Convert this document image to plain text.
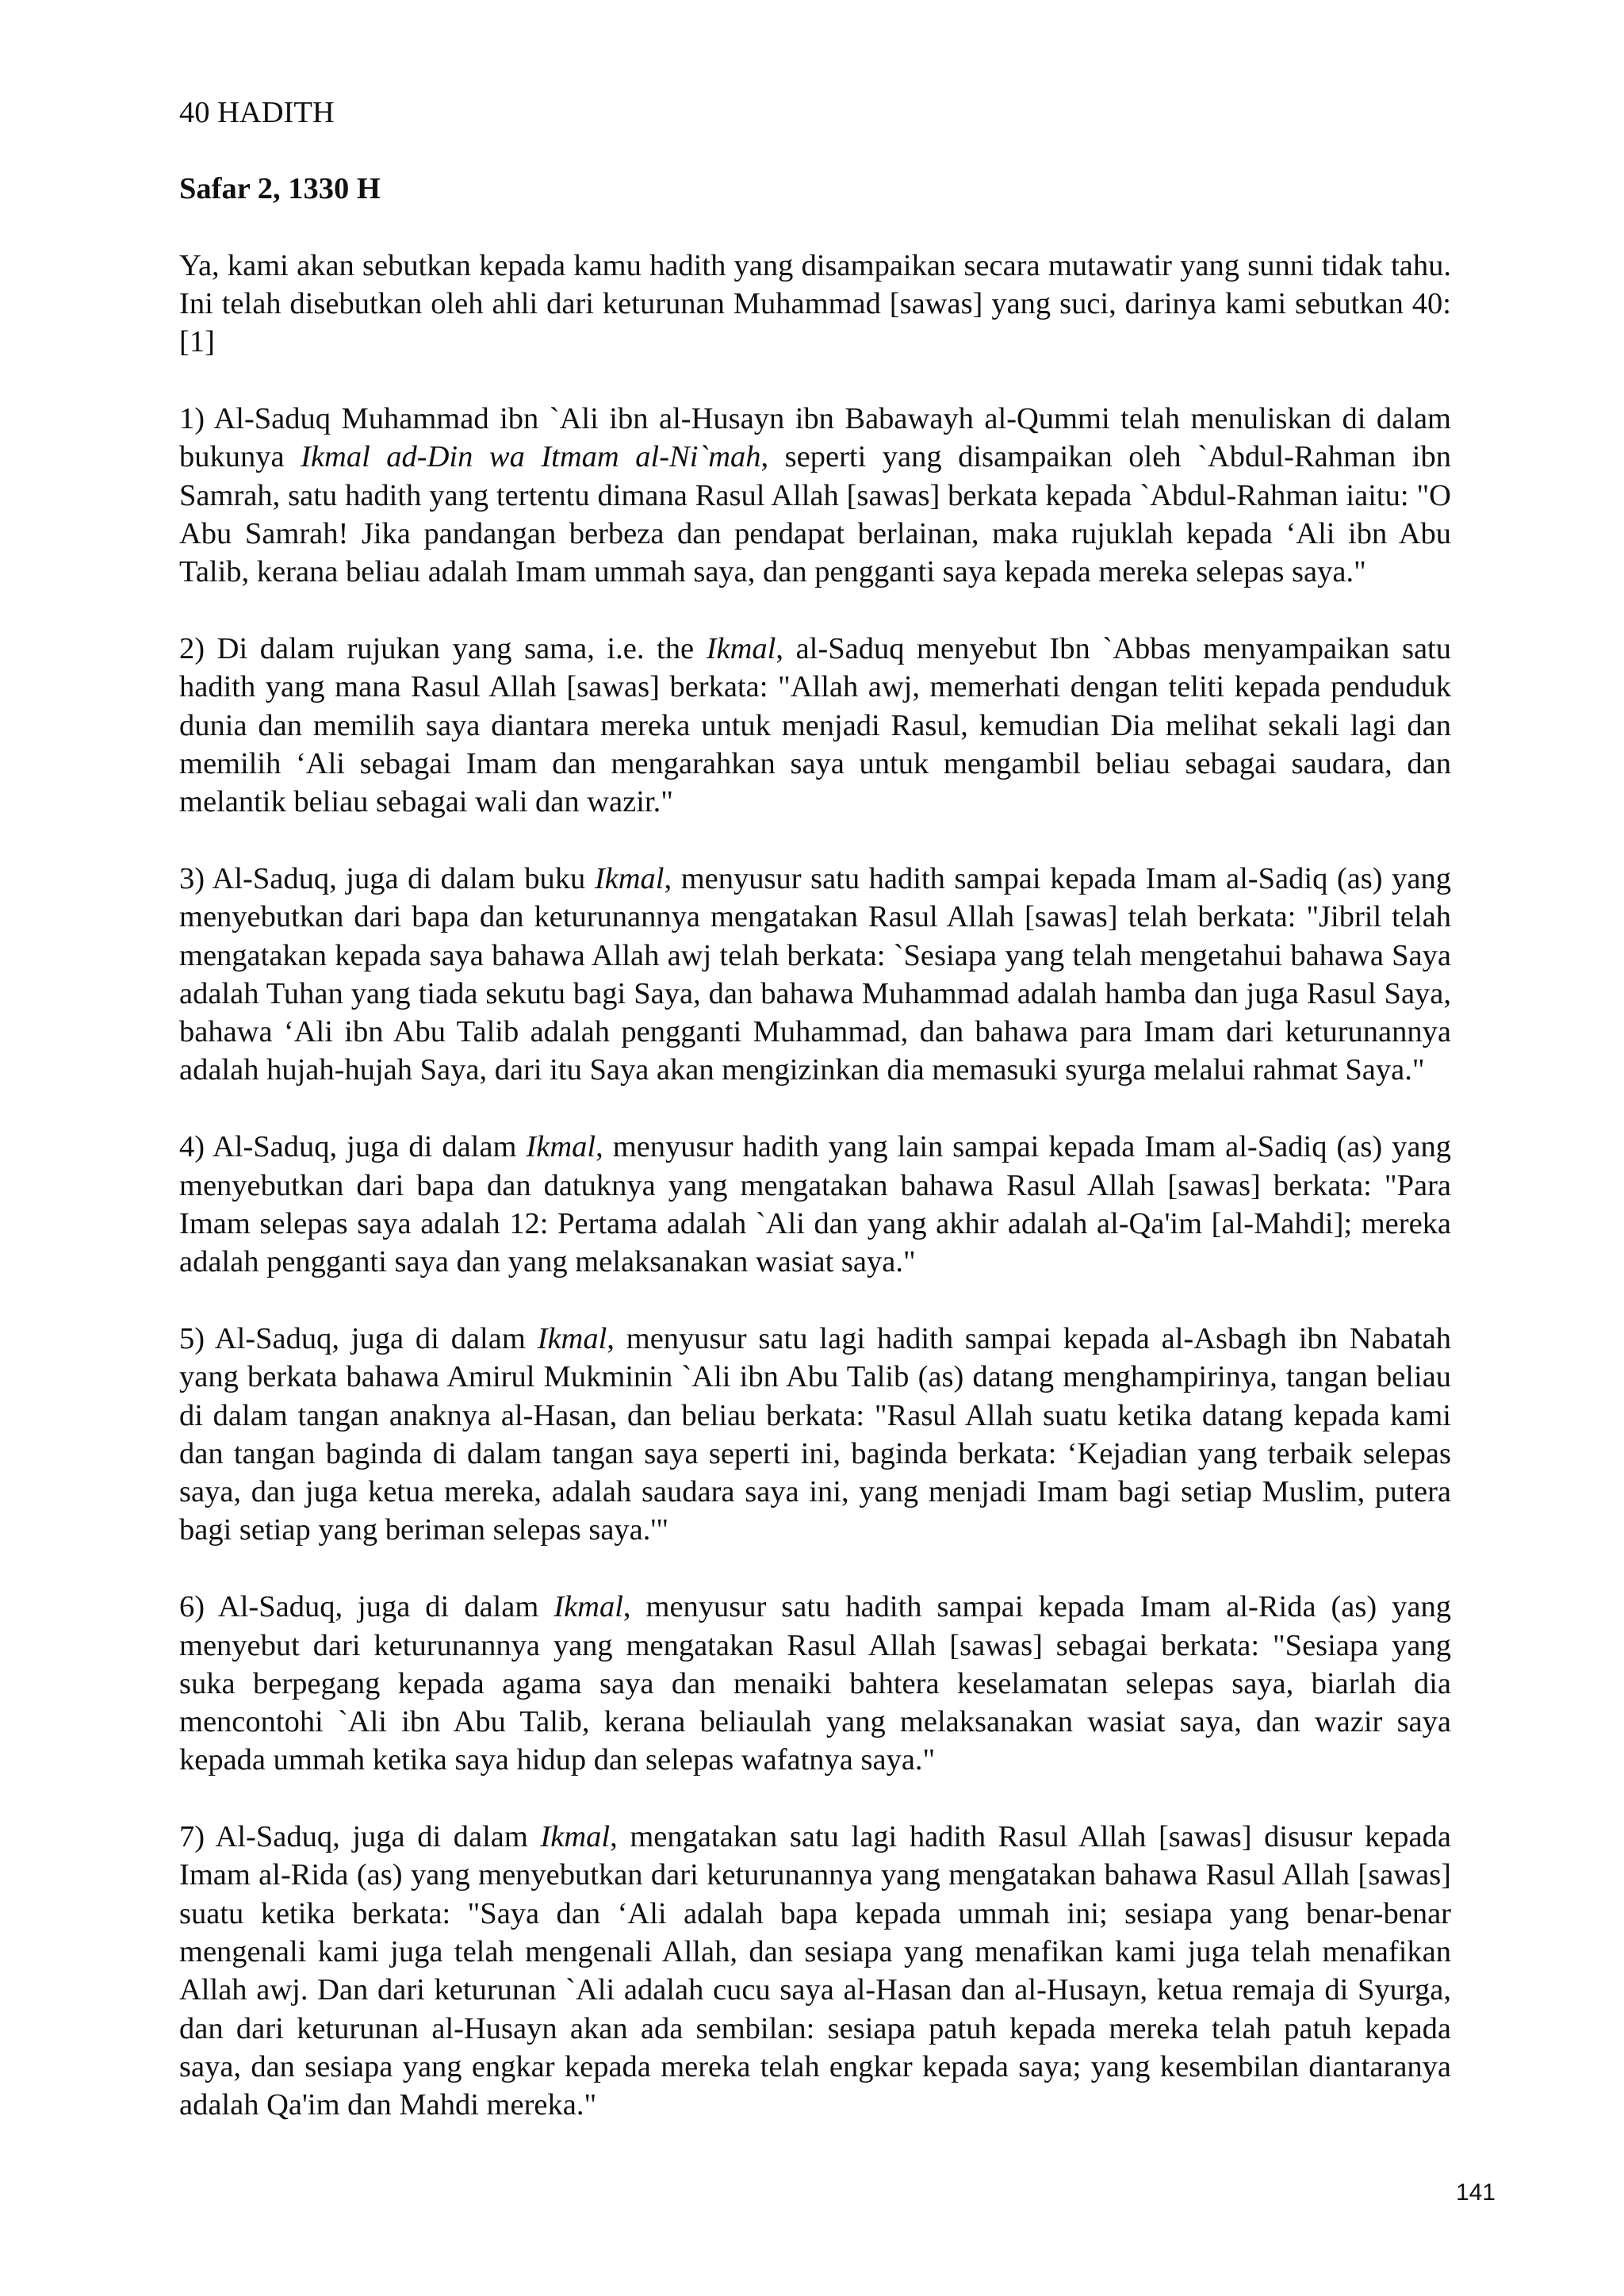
40 HADITH
Safar 2, 1330 H

Ya, kami akan sebutkan kepada kamu hadith yang disampaikan secara mutawatir yang sunni tidak tahu. Ini telah disebutkan oleh ahli dari keturunan Muhammad [sawas] yang suci, darinya kami sebutkan 40:[1]

1) Al-Saduq Muhammad ibn `Ali ibn al-Husayn ibn Babawayh al-Qummi telah menuliskan di dalam bukunya Ikmal ad-Din wa Itmam al-Ni`mah, seperti yang disampaikan oleh `Abdul-Rahman ibn Samrah, satu hadith yang tertentu dimana Rasul Allah [sawas] berkata kepada `Abdul-Rahman iaitu: "O Abu Samrah! Jika pandangan berbeza dan pendapat berlainan, maka rujuklah kepada ‘Ali ibn Abu Talib, kerana beliau adalah Imam ummah saya, dan pengganti saya kepada mereka selepas saya."

2) Di dalam rujukan yang sama, i.e. the Ikmal, al-Saduq menyebut Ibn `Abbas menyampaikan satu hadith yang mana Rasul Allah [sawas] berkata: "Allah awj, memerhati dengan teliti kepada penduduk dunia dan memilih saya diantara mereka untuk menjadi Rasul, kemudian Dia melihat sekali lagi dan memilih ‘Ali sebagai Imam dan mengarahkan saya untuk mengambil beliau sebagai saudara, dan melantik beliau sebagai wali dan wazir."

3) Al-Saduq, juga di dalam buku Ikmal, menyusur satu hadith sampai kepada Imam al-Sadiq (as) yang menyebutkan dari bapa dan keturunannya mengatakan Rasul Allah [sawas] telah berkata: "Jibril telah mengatakan kepada saya bahawa Allah awj telah berkata: `Sesiapa yang telah mengetahui bahawa Saya adalah Tuhan yang tiada sekutu bagi Saya, dan bahawa Muhammad adalah hamba dan juga Rasul Saya, bahawa ‘Ali ibn Abu Talib adalah pengganti Muhammad, dan bahawa para Imam dari keturunannya adalah hujah-hujah Saya, dari itu Saya akan mengizinkan dia memasuki syurga melalui rahmat Saya."

4) Al-Saduq, juga di dalam Ikmal, menyusur hadith yang lain sampai kepada Imam al-Sadiq (as) yang menyebutkan dari bapa dan datuknya yang mengatakan bahawa Rasul Allah [sawas] berkata: "Para Imam selepas saya adalah 12: Pertama adalah `Ali dan yang akhir adalah al-Qa'im [al-Mahdi]; mereka adalah pengganti saya dan yang melaksanakan wasiat saya."

5) Al-Saduq, juga di dalam Ikmal, menyusur satu lagi hadith sampai kepada al-Asbagh ibn Nabatah yang berkata bahawa Amirul Mukminin `Ali ibn Abu Talib (as) datang menghampirinya, tangan beliau di dalam tangan anaknya al-Hasan, dan beliau berkata: "Rasul Allah suatu ketika datang kepada kami dan tangan baginda di dalam tangan saya seperti ini, baginda berkata: ‘Kejadian yang terbaik selepas saya, dan juga ketua mereka, adalah saudara saya ini, yang menjadi Imam bagi setiap Muslim, putera bagi setiap yang beriman selepas saya.'"

6) Al-Saduq, juga di dalam Ikmal, menyusur satu hadith sampai kepada Imam al-Rida (as) yang menyebut dari keturunannya yang mengatakan Rasul Allah [sawas] sebagai berkata: "Sesiapa yang suka berpegang kepada agama saya dan menaiki bahtera keselamatan selepas saya, biarlah dia mencontohi `Ali ibn Abu Talib, kerana beliaulah yang melaksanakan wasiat saya, dan wazir saya kepada ummah ketika saya hidup dan selepas wafatnya saya."

7) Al-Saduq, juga di dalam Ikmal, mengatakan satu lagi hadith Rasul Allah [sawas] disusur kepada Imam al-Rida (as) yang menyebutkan dari keturunannya yang mengatakan bahawa Rasul Allah [sawas] suatu ketika berkata: "Saya dan ‘Ali adalah bapa kepada ummah ini; sesiapa yang benar-benar mengenali kami juga telah mengenali Allah, dan sesiapa yang menafikan kami juga telah menafikan Allah awj. Dan dari keturunan `Ali adalah cucu saya al-Hasan dan al-Husayn, ketua remaja di Syurga, dan dari keturunan al-Husayn akan ada sembilan: sesiapa patuh kepada mereka telah patuh kepada saya, dan sesiapa yang engkar kepada mereka telah engkar kepada saya; yang kesembilan diantaranya adalah Qa'im dan Mahdi mereka."

141
